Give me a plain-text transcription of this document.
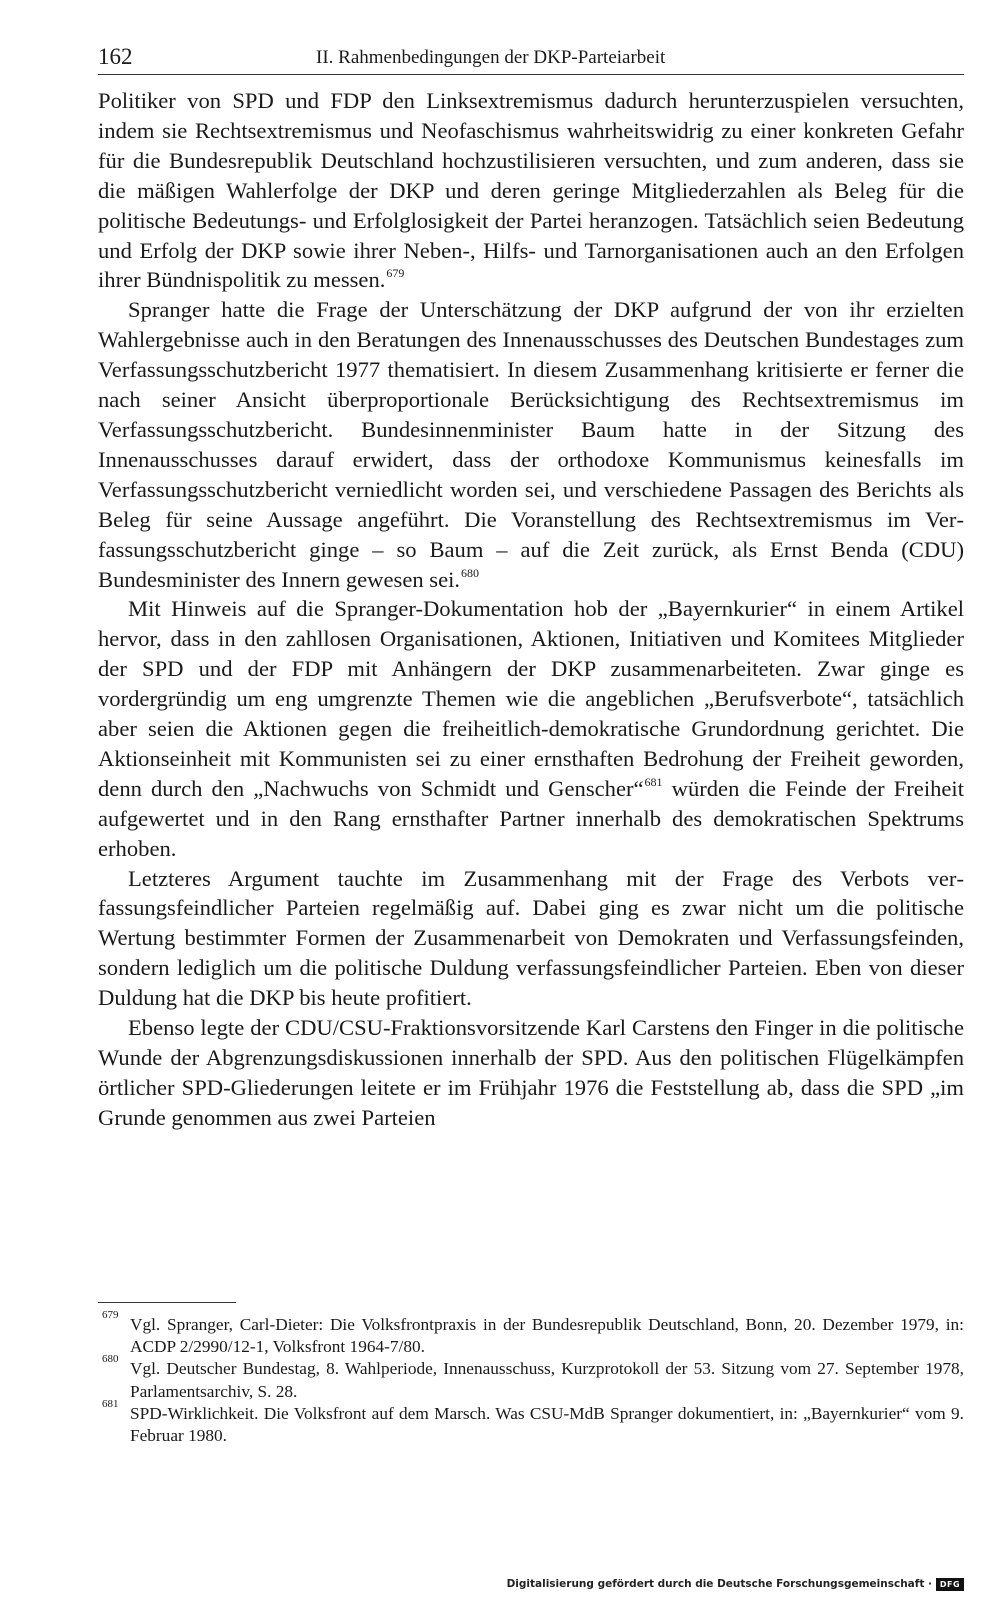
162	II. Rahmenbedingungen der DKP-Parteiarbeit

Politiker von SPD und FDP den Linksextremismus dadurch herunterzuspielen versuchten, indem sie Rechtsextremismus und Neofaschismus wahrheitswidrig zu einer konkreten Gefahr für die Bundesrepublik Deutschland hochzustilisieren versuchten, und zum anderen, dass sie die mäßigen Wahlerfolge der DKP und deren geringe Mitgliederzahlen als Beleg für die politische Bedeutungs- und Erfolglosigkeit der Partei heranzogen. Tatsächlich seien Bedeutung und Erfolg der DKP sowie ihrer Neben-, Hilfs- und Tarnorganisationen auch an den Erfolgen ihrer Bündnispolitik zu messen.$^{679}$

Spranger hatte die Frage der Unterschätzung der DKP aufgrund der von ihr erzielten Wahlergebnisse auch in den Beratungen des Innenausschusses des Deutschen Bundestages zum Verfassungsschutzbericht 1977 thematisiert. In diesem Zusammenhang kritisierte er ferner die nach seiner Ansicht überproportionale Berücksichtigung des Rechtsextremismus im Verfassungsschutzbericht. Bundesinnenminister Baum hatte in der Sitzung des Innenausschusses darauf erwidert, dass der orthodoxe Kommunismus keinesfalls im Verfassungsschutzbericht verniedlicht worden sei, und verschiedene Passagen des Berichts als Beleg für seine Aussage angeführt. Die Voranstellung des Rechtsextremismus im Verfassungsschutzbericht ginge – so Baum – auf die Zeit zurück, als Ernst Benda (CDU) Bundesminister des Innern gewesen sei.$^{680}$

Mit Hinweis auf die Spranger-Dokumentation hob der „Bayernkurier“ in einem Artikel hervor, dass in den zahllosen Organisationen, Aktionen, Initiativen und Komitees Mitglieder der SPD und der FDP mit Anhängern der DKP zusammenarbeiteten. Zwar ginge es vordergründig um eng umgrenzte Themen wie die angeblichen „Berufsverbote“, tatsächlich aber seien die Aktionen gegen die freiheitlich-demokratische Grundordnung gerichtet. Die Aktionseinheit mit Kommunisten sei zu einer ernsthaften Bedrohung der Freiheit geworden, denn durch den „Nachwuchs von Schmidt und Genscher“$^{681}$ würden die Feinde der Freiheit aufgewertet und in den Rang ernsthafter Partner innerhalb des demokratischen Spektrums erhoben.

Letzteres Argument tauchte im Zusammenhang mit der Frage des Verbots verfassungsfeindlicher Parteien regelmäßig auf. Dabei ging es zwar nicht um die politische Wertung bestimmter Formen der Zusammenarbeit von Demokraten und Verfassungsfeinden, sondern lediglich um die politische Duldung verfassungsfeindlicher Parteien. Eben von dieser Duldung hat die DKP bis heute profitiert.

Ebenso legte der CDU/CSU-Fraktionsvorsitzende Karl Carstens den Finger in die politische Wunde der Abgrenzungsdiskussionen innerhalb der SPD. Aus den politischen Flügelkämpfen örtlicher SPD-Gliederungen leitete er im Frühjahr 1976 die Feststellung ab, dass die SPD „im Grunde genommen aus zwei Parteien

679 Vgl. Spranger, Carl-Dieter: Die Volksfrontpraxis in der Bundesrepublik Deutschland, Bonn, 20. Dezember 1979, in: ACDP 2/2990/12-1, Volksfront 1964-7/80.

680 Vgl. Deutscher Bundestag, 8. Wahlperiode, Innenausschuss, Kurzprotokoll der 53. Sitzung vom 27. September 1978, Parlamentsarchiv, S. 28.

681 SPD-Wirklichkeit. Die Volksfront auf dem Marsch. Was CSU-MdB Spranger dokumentiert, in: „Bayernkurier“ vom 9. Februar 1980.

Digitalisierung gefördert durch die Deutsche Forschungsgemeinschaft · DFG
